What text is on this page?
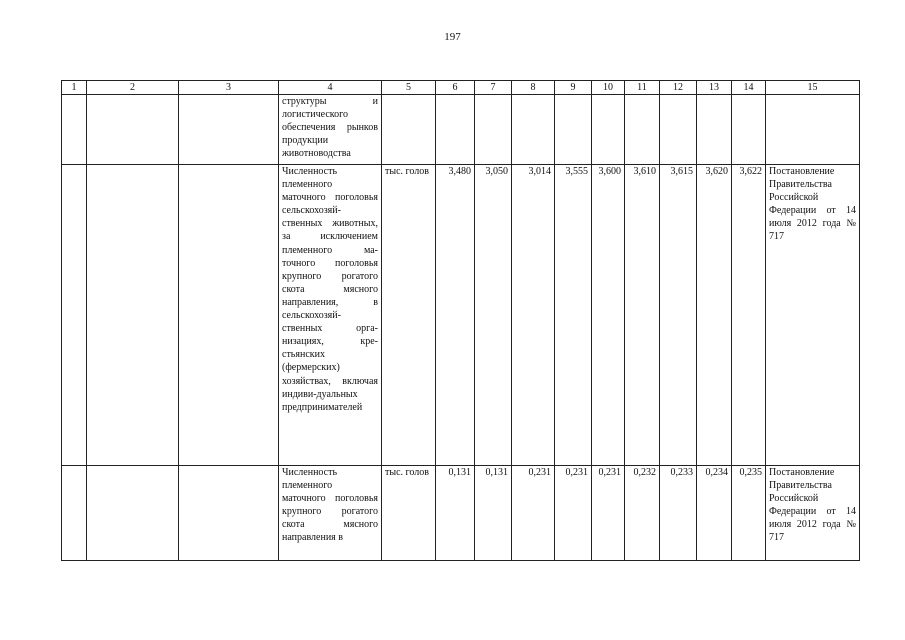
197
1	2	3	4	5	6	7	8	9	10	11	12	13	14	15
			структуры и логистического обеспечения рынков продукции животноводства											
			Численность племенного маточного поголовья сельскохозяй-ственных животных, за исключением племенного ма-точного поголовья крупного рогатого скота мясного направления, в сельскохозяй-ственных орга-низациях, кре-стьянских (фермерских) хозяйствах, включая индиви-дуальных предпринимателей	тыс. голов	3,480	3,050	3,014	3,555	3,600	3,610	3,615	3,620	3,622	Постановление Правительства Российской Федерации от 14 июля 2012 года № 717
			Численность племенного маточного поголовья крупного рогатого скота мясного направления в	тыс. голов	0,131	0,131	0,231	0,231	0,231	0,232	0,233	0,234	0,235	Постановление Правительства Российской Федерации от 14 июля 2012 года № 717
